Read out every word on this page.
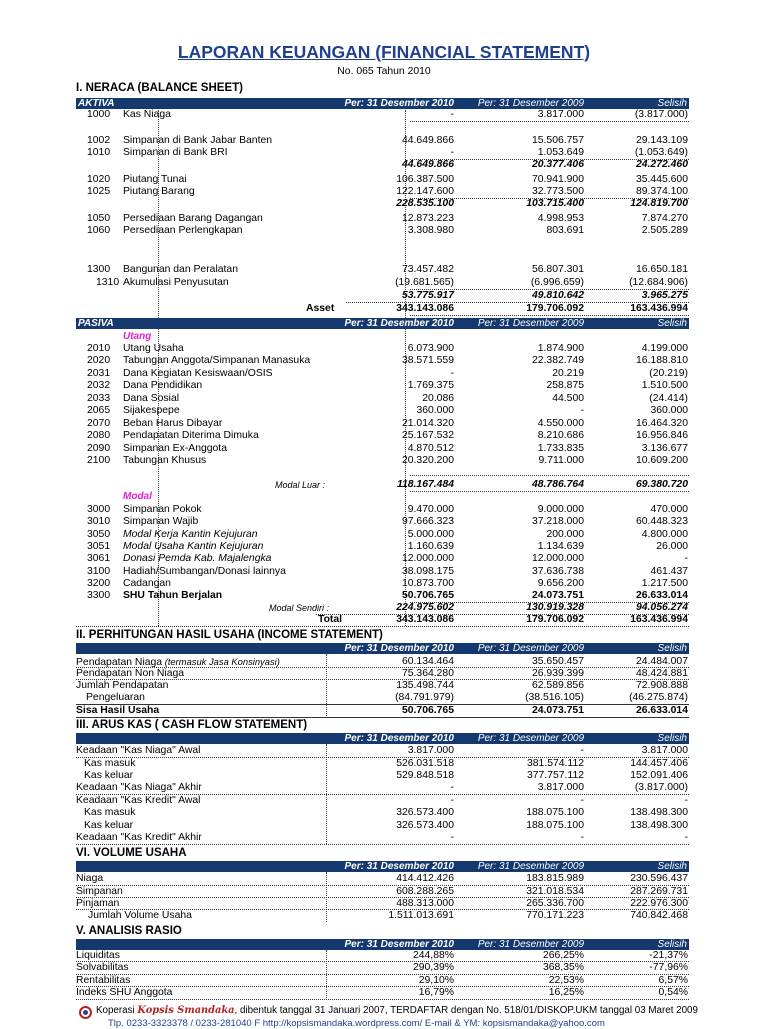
LAPORAN KEUANGAN (FINANCIAL STATEMENT)
No. 065 Tahun 2010
I. NERACA (BALANCE SHEET)
AKTIVA	Per: 31 Desember 2010 Per: 31 Desember 2009	Selisih
1000 Kas Niaga	-	3.817.000	(3.817.000)
1002 Simpanan di Bank Jabar Banten	44.649.866	15.506.757	29.143.109
1010 Simpanan di Bank BRI	-	1.053.649	(1.053.649)
44.649.866	20.377.406	24.272.460
1020 Piutang Tunai	106.387.500	70.941.900	35.445.600
1025 Piutang Barang	122.147.600	32.773.500	89.374.100
228.535.100	103.715.400	124.819.700
1050 Persediaan Barang Dagangan	12.873.223	4.998.953	7.874.270
1060 Persediaan Perlengkapan	3.308.980	803.691	2.505.289
1300 Bangunan dan Peralatan	73.457.482	56.807.301	16.650.181
1310 Akumulasi Penyusutan	(19.681.565)	(6.996.659)	(12.684.906)
53.775.917	49.810.642	3.965.275
Asset	343.143.086	179.706.092	163.436.994
PASIVA	Per: 31 Desember 2010 Per: 31 Desember 2009	Selisih
Utang
2010 Utang Usaha	6.073.900	1.874.900	4.199.000
2020 Tabungan Anggota/Simpanan Manasuka	38.571.559	22.382.749	16.188.810
2031 Dana Kegiatan Kesiswaan/OSIS	-	20.219	(20.219)
2032 Dana Pendidikan	1.769.375	258.875	1.510.500
2033 Dana Sosial	20.086	44.500	(24.414)
2065 Sijakespepe	360.000	-	360.000
2070 Beban Harus Dibayar	21.014.320	4.550.000	16.464.320
2080 Pendapatan Diterima Dimuka	25.167.532	8.210.686	16.956.846
2090 Simpanan Ex-Anggota	4.870.512	1.733.835	3.136.677
2100 Tabungan Khusus	20.320.200	9.711.000	10.609.200
Modal Luar :	118.167.484	48.786.764	69.380.720
Modal
3000 Simpanan Pokok	9.470.000	9.000.000	470.000
3010 Simpanan Wajib	97.666.323	37.218.000	60.448.323
3050 Modal Kerja Kantin Kejujuran	5.000.000	200.000	4.800.000
3051 Modal Usaha Kantin Kejujuran	1.160.639	1.134.639	26.000
3061 Donasi Pemda Kab. Majalengka	12.000.000	12.000.000	-
3100 Hadiah/Sumbangan/Donasi lainnya	38.098.175	37.636.738	461.437
3200 Cadangan	10.873.700	9.656.200	1.217.500
3300 SHU Tahun Berjalan	50.706.765	24.073.751	26.633.014
Modal Sendiri :	224.975.602	130.919.328	94.056.274
Total	343.143.086	179.706.092	163.436.994
II. PERHITUNGAN HASIL USAHA (INCOME STATEMENT)
Per: 31 Desember 2010 Per: 31 Desember 2009	Selisih
Pendapatan Niaga (termasuk Jasa Konsinyasi)	60.134.464	35.650.457	24.484.007
Pendapatan Non Niaga	75.364.280	26.939.399	48.424.881
Jumlah Pendapatan	135.498.744	62.589.856	72.908.888
Pengeluaran	(84.791.979)	(38.516.105)	(46.275.874)
Sisa Hasil Usaha	50.706.765	24.073.751	26.633.014
III. ARUS KAS ( CASH FLOW STATEMENT)
Per: 31 Desember 2010 Per: 31 Desember 2009	Selisih
Keadaan "Kas Niaga" Awal	3.817.000	-	3.817.000
Kas masuk	526.031.518	381.574.112	144.457.406
Kas keluar	529.848.518	377.757.112	152.091.406
Keadaan "Kas Niaga" Akhir	-	3.817.000	(3.817.000)
Keadaan "Kas Kredit" Awal	-	-	-
Kas masuk	326.573.400	188.075.100	138.498.300
Kas keluar	326.573.400	188.075.100	138.498.300
Keadaan "Kas Kredit" Akhir	-	-	-
VI. VOLUME USAHA
Per: 31 Desember 2010 Per: 31 Desember 2009	Selisih
Niaga	414.412.426	183.815.989	230.596.437
Simpanan	608.288.265	321.018.534	287.269.731
Pinjaman	488.313.000	265.336.700	222.976.300
Jumlah Volume Usaha	1.511.013.691	770.171.223	740.842.468
V. ANALISIS RASIO
Per: 31 Desember 2010 Per: 31 Desember 2009	Selisih
Liquiditas	244,88%	266,25%	-21,37%
Solvabilitas	290,39%	368,35%	-77,96%
Rentabilitas	29,10%	22,53%	6,57%
Indeks SHU Anggota	16,79%	16,25%	0,54%
Koperasi Kopsis Smandaka, dibentuk tanggal 31 Januari 2007, TERDAFTAR dengan No. 518/01/DISKOP.UKM tanggal 03 Maret 2009
Tlp. 0233-3323378 / 0233-281040 F http://kopsismandaka.wordpress.com/ E-mail & YM: kopsismandaka@yahoo.com
